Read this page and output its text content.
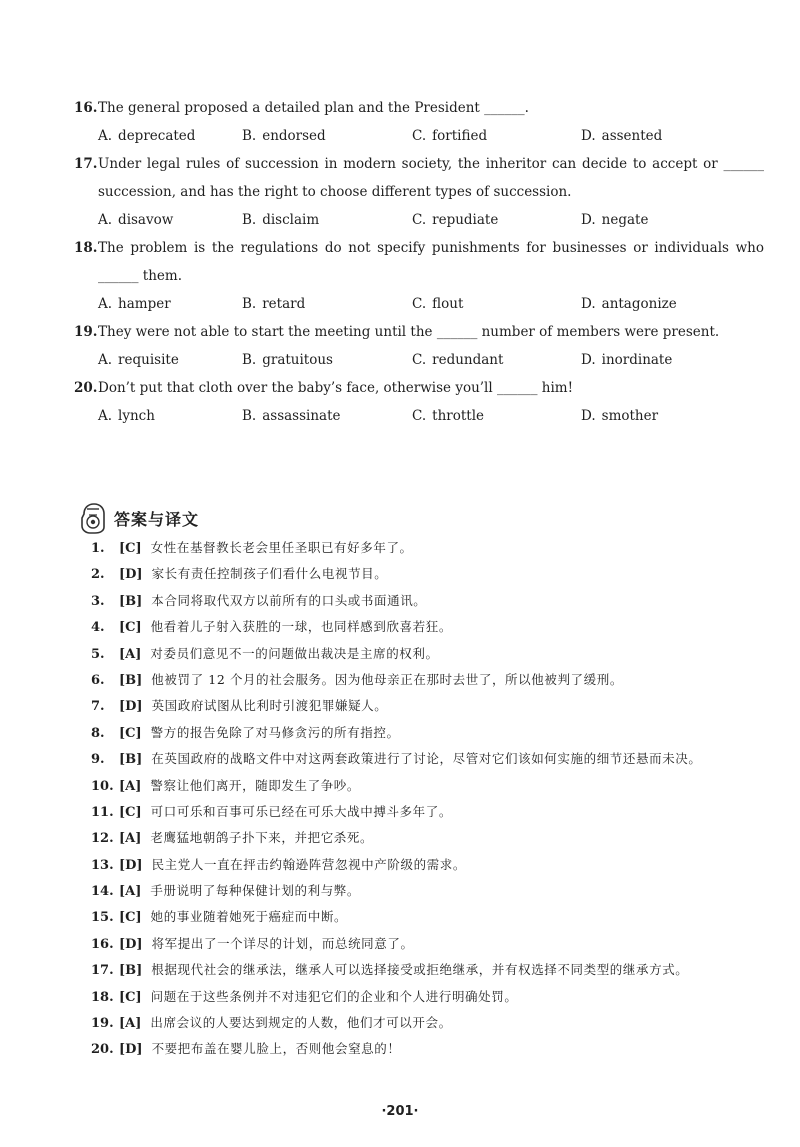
16. The general proposed a detailed plan and the President ______.
A. deprecated	B. endorsed	C. fortified	D. assented
17. Under legal rules of succession in modern society, the inheritor can decide to accept or ______ succession, and has the right to choose different types of succession.
A. disavow	B. disclaim	C. repudiate	D. negate
18. The problem is the regulations do not specify punishments for businesses or individuals who ______ them.
A. hamper	B. retard	C. flout	D. antagonize
19. They were not able to start the meeting until the ______ number of members were present.
A. requisite	B. gratuitous	C. redundant	D. inordinate
20. Don’t put that cloth over the baby’s face, otherwise you’ll ______ him!
A. lynch	B. assassinate	C. throttle	D. smother
答案与译文
1.	[C] 女性在基督教长老会里任圣职已有好多年了。
2.	[D] 家长有责任控制孩子们看什么电视节目。
3.	[B] 本合同将取代双方以前所有的口头或书面通讯。
4.	[C] 他看着儿子射入获胜的一球，也同样感到欣喜若狂。
5.	[A] 对委员们意见不一的问题做出裁决是主席的权利。
6.	[B] 他被罚了 12 个月的社会服务。因为他母亲正在那时去世了，所以他被判了缓刑。
7.	[D] 英国政府试图从比利时引渡犯罪嫌疑人。
8.	[C] 警方的报告免除了对马修贪污的所有指控。
9.	[B] 在英国政府的战略文件中对这两套政策进行了讨论，尽管对它们该如何实施的细节还悬而未决。
10. [A] 警察让他们离开，随即发生了争吵。
11. [C] 可口可乐和百事可乐已经在可乐大战中搏斗多年了。
12. [A] 老鹰猛地朝鸽子扑下来，并把它杀死。
13. [D] 民主党人一直在抨击约翰逊阵营忽视中产阶级的需求。
14. [A] 手册说明了每种保健计划的利与弊。
15. [C] 她的事业随着她死于癌症而中断。
16. [D] 将军提出了一个详尽的计划，而总统同意了。
17. [B] 根据现代社会的继承法，继承人可以选择接受或拒绝继承，并有权选择不同类型的继承方式。
18. [C] 问题在于这些条例并不对违犯它们的企业和个人进行明确处罚。
19. [A] 出席会议的人要达到规定的人数，他们才可以开会。
20. [D] 不要把布盖在婴儿脸上，否则他会窒息的！
·201·
